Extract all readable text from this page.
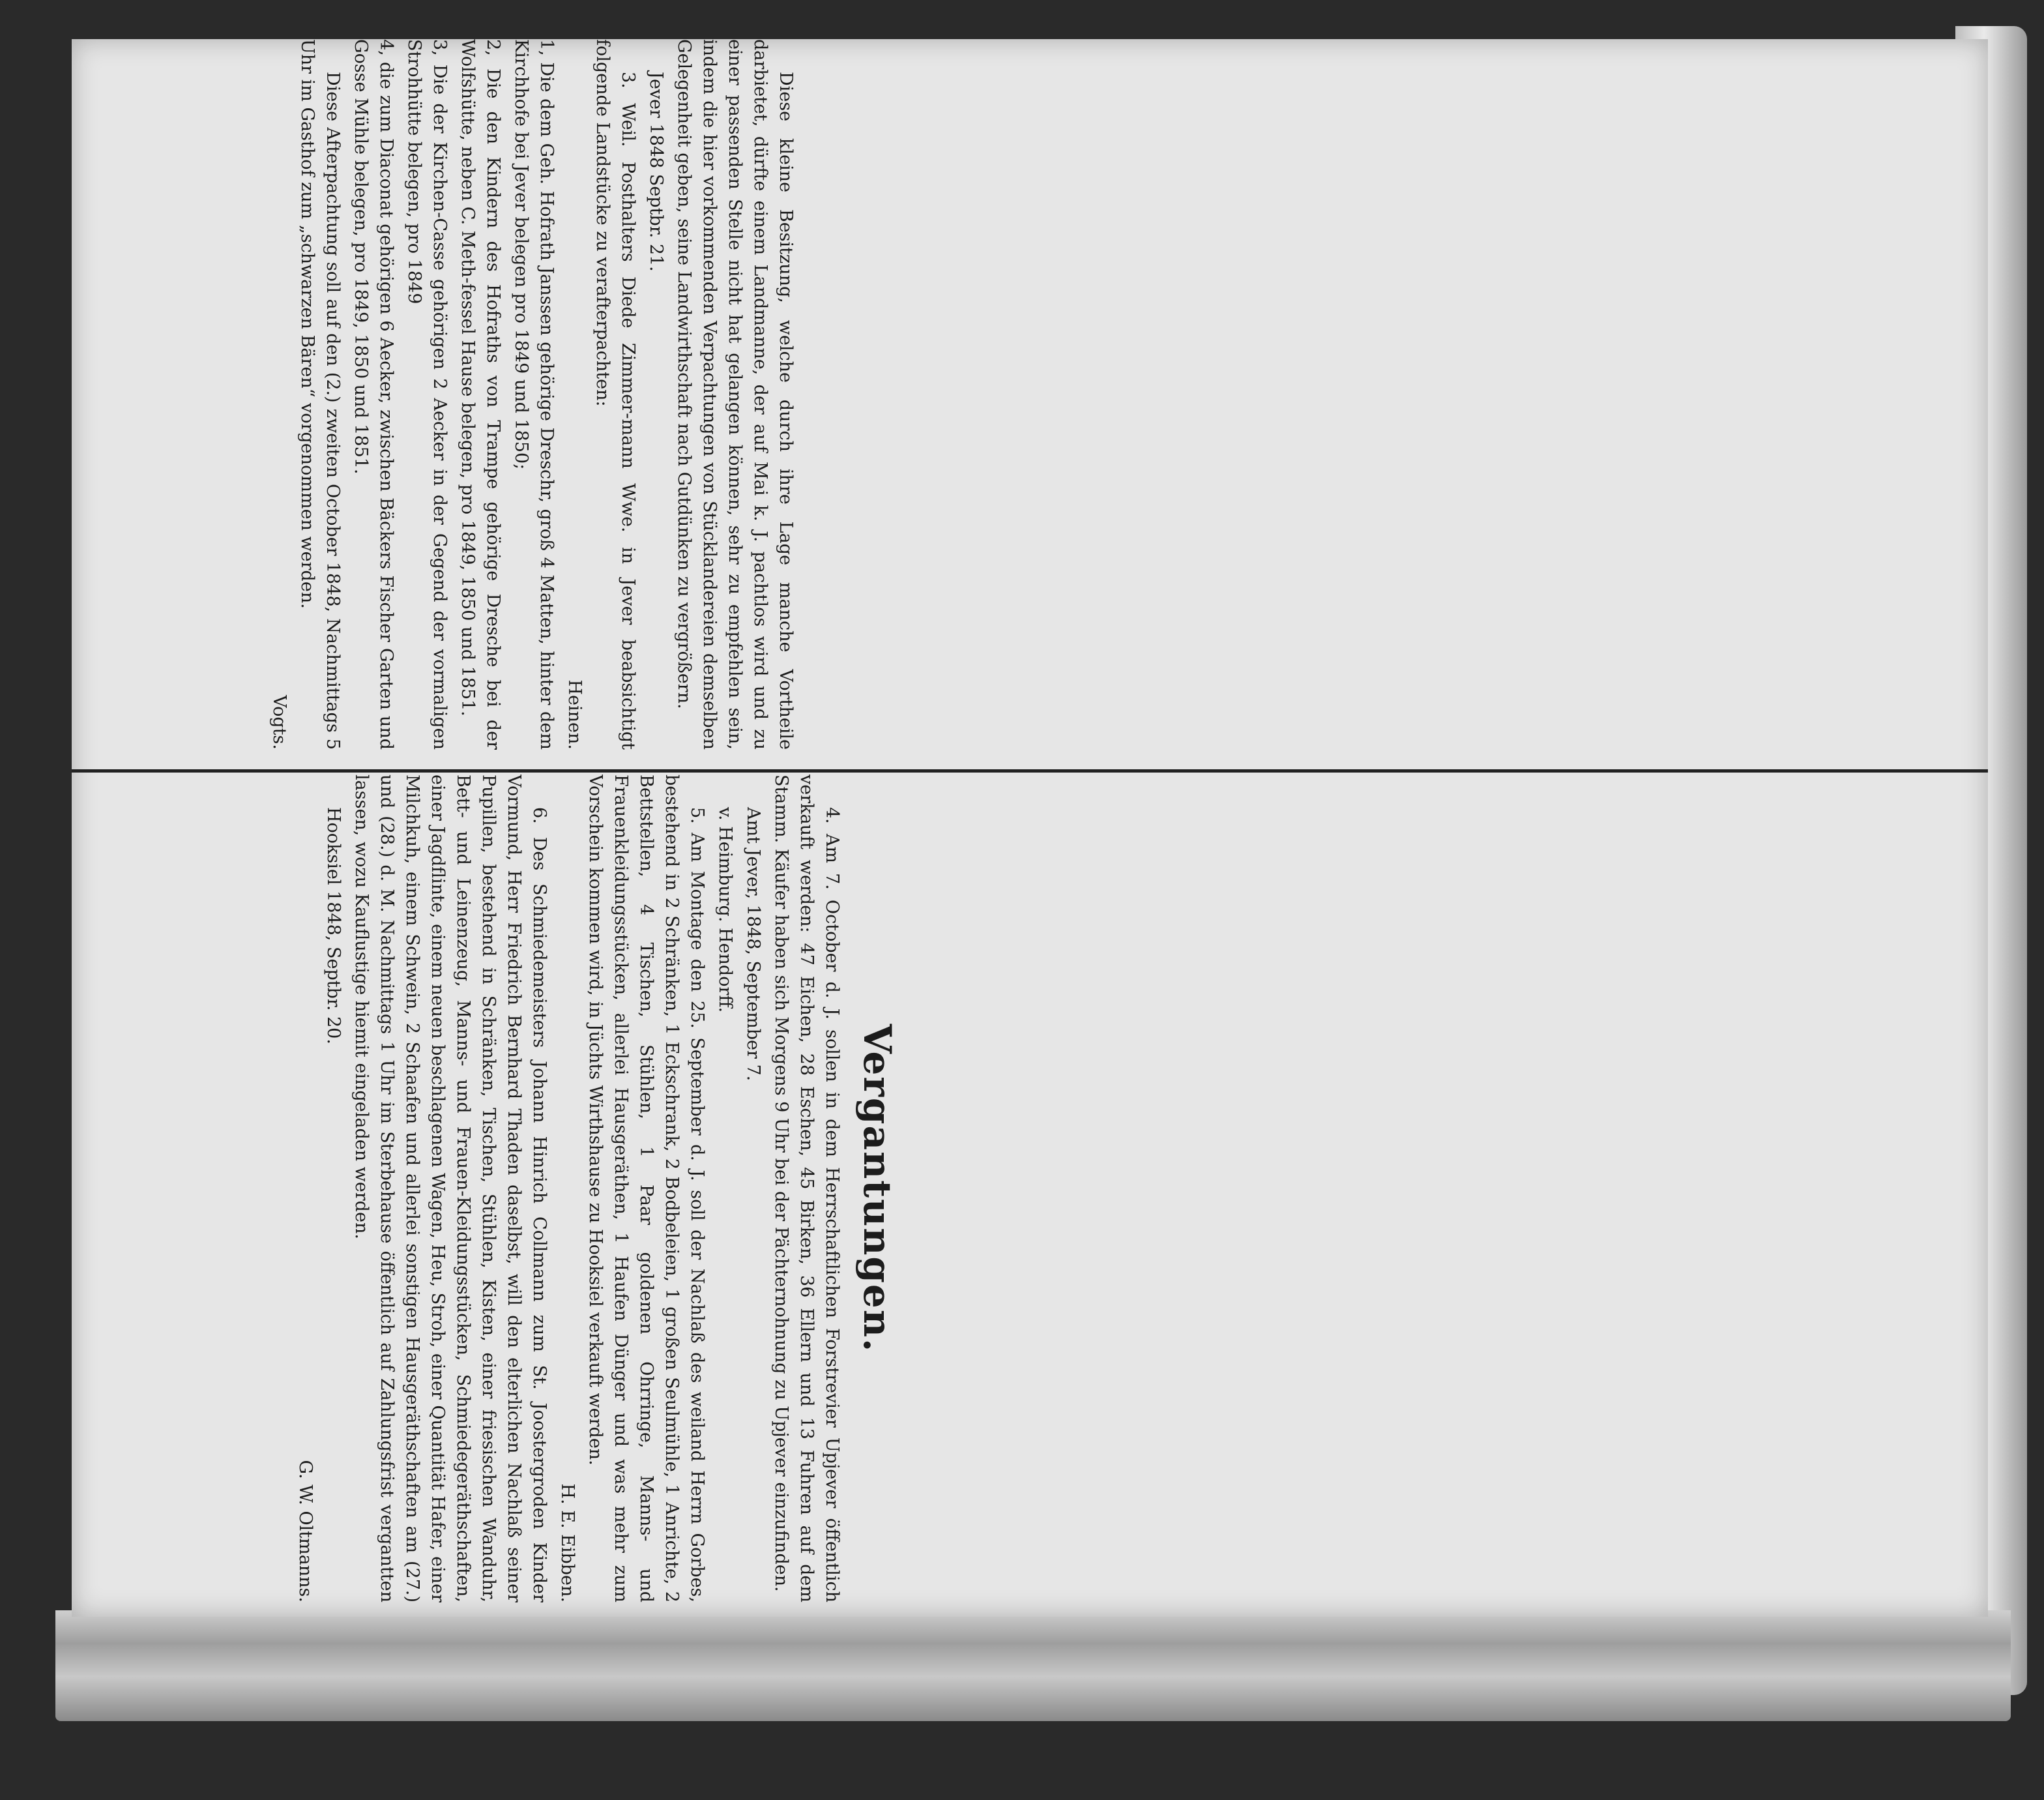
Diese kleine Besitzung, welche durch ihre Lage manche Vortheile darbietet, dürfte einem Landmanne, der auf Mai k. J. pachtlos wird und zu einer passenden Stelle nicht hat gelangen können, sehr zu empfehlen sein, indem die hier vorkommenden Verpachtungen von Stücklandereien demselben Gelegenheit geben, seine Landwirthschaft nach Gutdünken zu vergrößern.

Jever 1848 Septbr. 21.

3. Weil. Posthalters Diede Zimmer-mann Wwe. in Jever beabsichtigt folgende Landstücke zu verafterpachten:

Heinen.

1, Die dem Geh. Hofrath Janssen gehörige Dreschr, groß 4 Matten, hinter dem Kirchhofe bei Jever belegen pro 1849 und 1850;

2, Die den Kindern des Hofraths von Trampe gehörige Dresche bei der Wolfshütte, neben C. Meth-fessel Hause belegen, pro 1849, 1850 und 1851.

3, Die der Kirchen-Casse gehörigen 2 Aecker in der Gegend der vormaligen Strohhütte belegen, pro 1849

4, die zum Diaconat gehörigen 6 Aecker, zwischen Bäckers Fischer Garten und Gosse Mühle belegen, pro 1849, 1850 und 1851.

Diese Afterpachtung soll auf den (2.) zweiten October 1848, Nachmittags 5 Uhr im Gasthof zum „schwarzen Bären“ vorgenommen werden.

Vogts.

Vergantungen.

4. Am 7. October d. J. sollen in dem Herrschaftlichen Forstrevier Upjever öffentlich verkauft werden: 47 Eichen, 28 Eschen, 45 Birken, 36 Ellern und 13 Fuhren auf dem Stamm. Käufer haben sich Morgens 9 Uhr bei der Pächternohnung zu Upjever einzufinden.

Amt Jever, 1848, September 7.

v. Heimburg. Hendorff.

5. Am Montage den 25. September d. J. soll der Nachlaß des weiland Herrn Gorbes, bestehend in 2 Schränken, 1 Eckschrank, 2 Bodbeleien, 1 großen Seulmühle, 1 Anrichte, 2 Bettstellen, 4 Tischen, Stühlen, 1 Paar goldenen Ohrringe, Manns- und Frauenkleidungsstücken, allerlei Hausgeräthen, 1 Haufen Dünger und was mehr zum Vorschein kommen wird, in Jüchts Wirthshause zu Hooksiel verkauft werden.

H. E. Eibben.

6. Des Schmiedemeisters Johann Hinrich Collmann zum St. Joostergroden Kinder Vormund, Herr Friedrich Bernhard Thaden daselbst, will den elterlichen Nachlaß seiner Pupillen, bestehend in Schränken, Tischen, Stühlen, Kisten, einer friesischen Wanduhr, Bett- und Leinenzeug, Manns- und Frauen-Kleidungsstücken, Schmiedegeräthschaften, einer Jagdflinte, einem neuen beschlagenen Wagen, Heu, Stroh, einer Quantität Hafer, einer Milchkuh, einem Schwein, 2 Schaafen und allerlei sonstigen Hausgeräthschaften am (27.) und (28.) d. M. Nachmittags 1 Uhr im Sterbehause öffentlich auf Zahlungsfrist vergantten lassen, wozu Kauflustige hiemit eingeladen werden.

Hooksiel 1848, Septbr. 20.

G. W. Oltmanns.
